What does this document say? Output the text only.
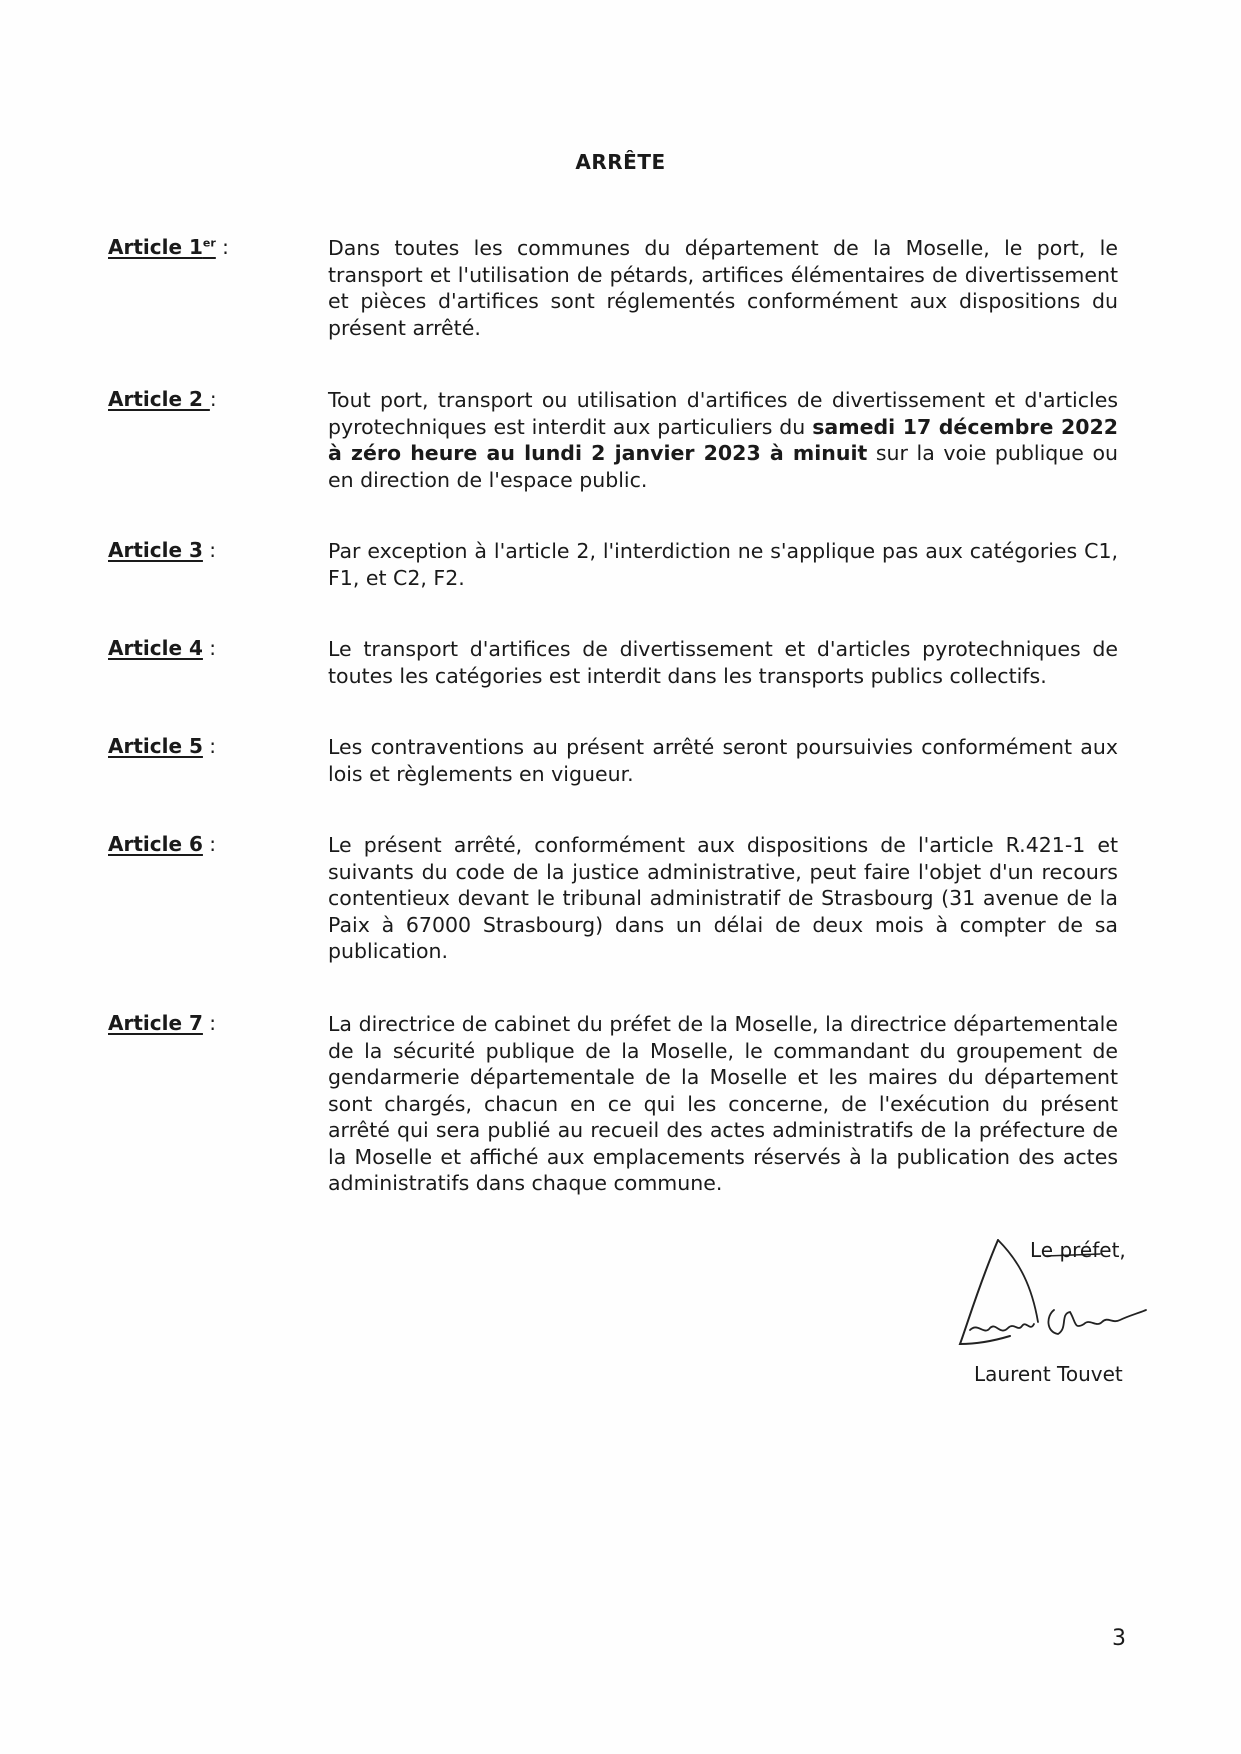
ARRÊTE
Article 1er :	Dans toutes les communes du département de la Moselle, le port, le transport et l'utilisation de pétards, artifices élémentaires de divertissement et pièces d'artifices sont réglementés conformément aux dispositions du présent arrêté.
Article 2 :	Tout port, transport ou utilisation d'artifices de divertissement et d'articles pyrotechniques est interdit aux particuliers du samedi 17 décembre 2022 à zéro heure au lundi 2 janvier 2023 à minuit sur la voie publique ou en direction de l'espace public.
Article 3 :	Par exception à l'article 2, l'interdiction ne s'applique pas aux catégories C1, F1, et C2, F2.
Article 4 :	Le transport d'artifices de divertissement et d'articles pyrotechniques de toutes les catégories est interdit dans les transports publics collectifs.
Article 5 :	Les contraventions au présent arrêté seront poursuivies conformément aux lois et règlements en vigueur.
Article 6 :	Le présent arrêté, conformément aux dispositions de l'article R.421-1 et suivants du code de la justice administrative, peut faire l'objet d'un recours contentieux devant le tribunal administratif de Strasbourg (31 avenue de la Paix à 67000 Strasbourg) dans un délai de deux mois à compter de sa publication.
Article 7 :	La directrice de cabinet du préfet de la Moselle, la directrice départementale de la sécurité publique de la Moselle, le commandant du groupement de gendarmerie départementale de la Moselle et les maires du département sont chargés, chacun en ce qui les concerne, de l'exécution du présent arrêté qui sera publié au recueil des actes administratifs de la préfecture de la Moselle et affiché aux emplacements réservés à la publication des actes administratifs dans chaque commune.
Le préfet,
Laurent Touvet
3
